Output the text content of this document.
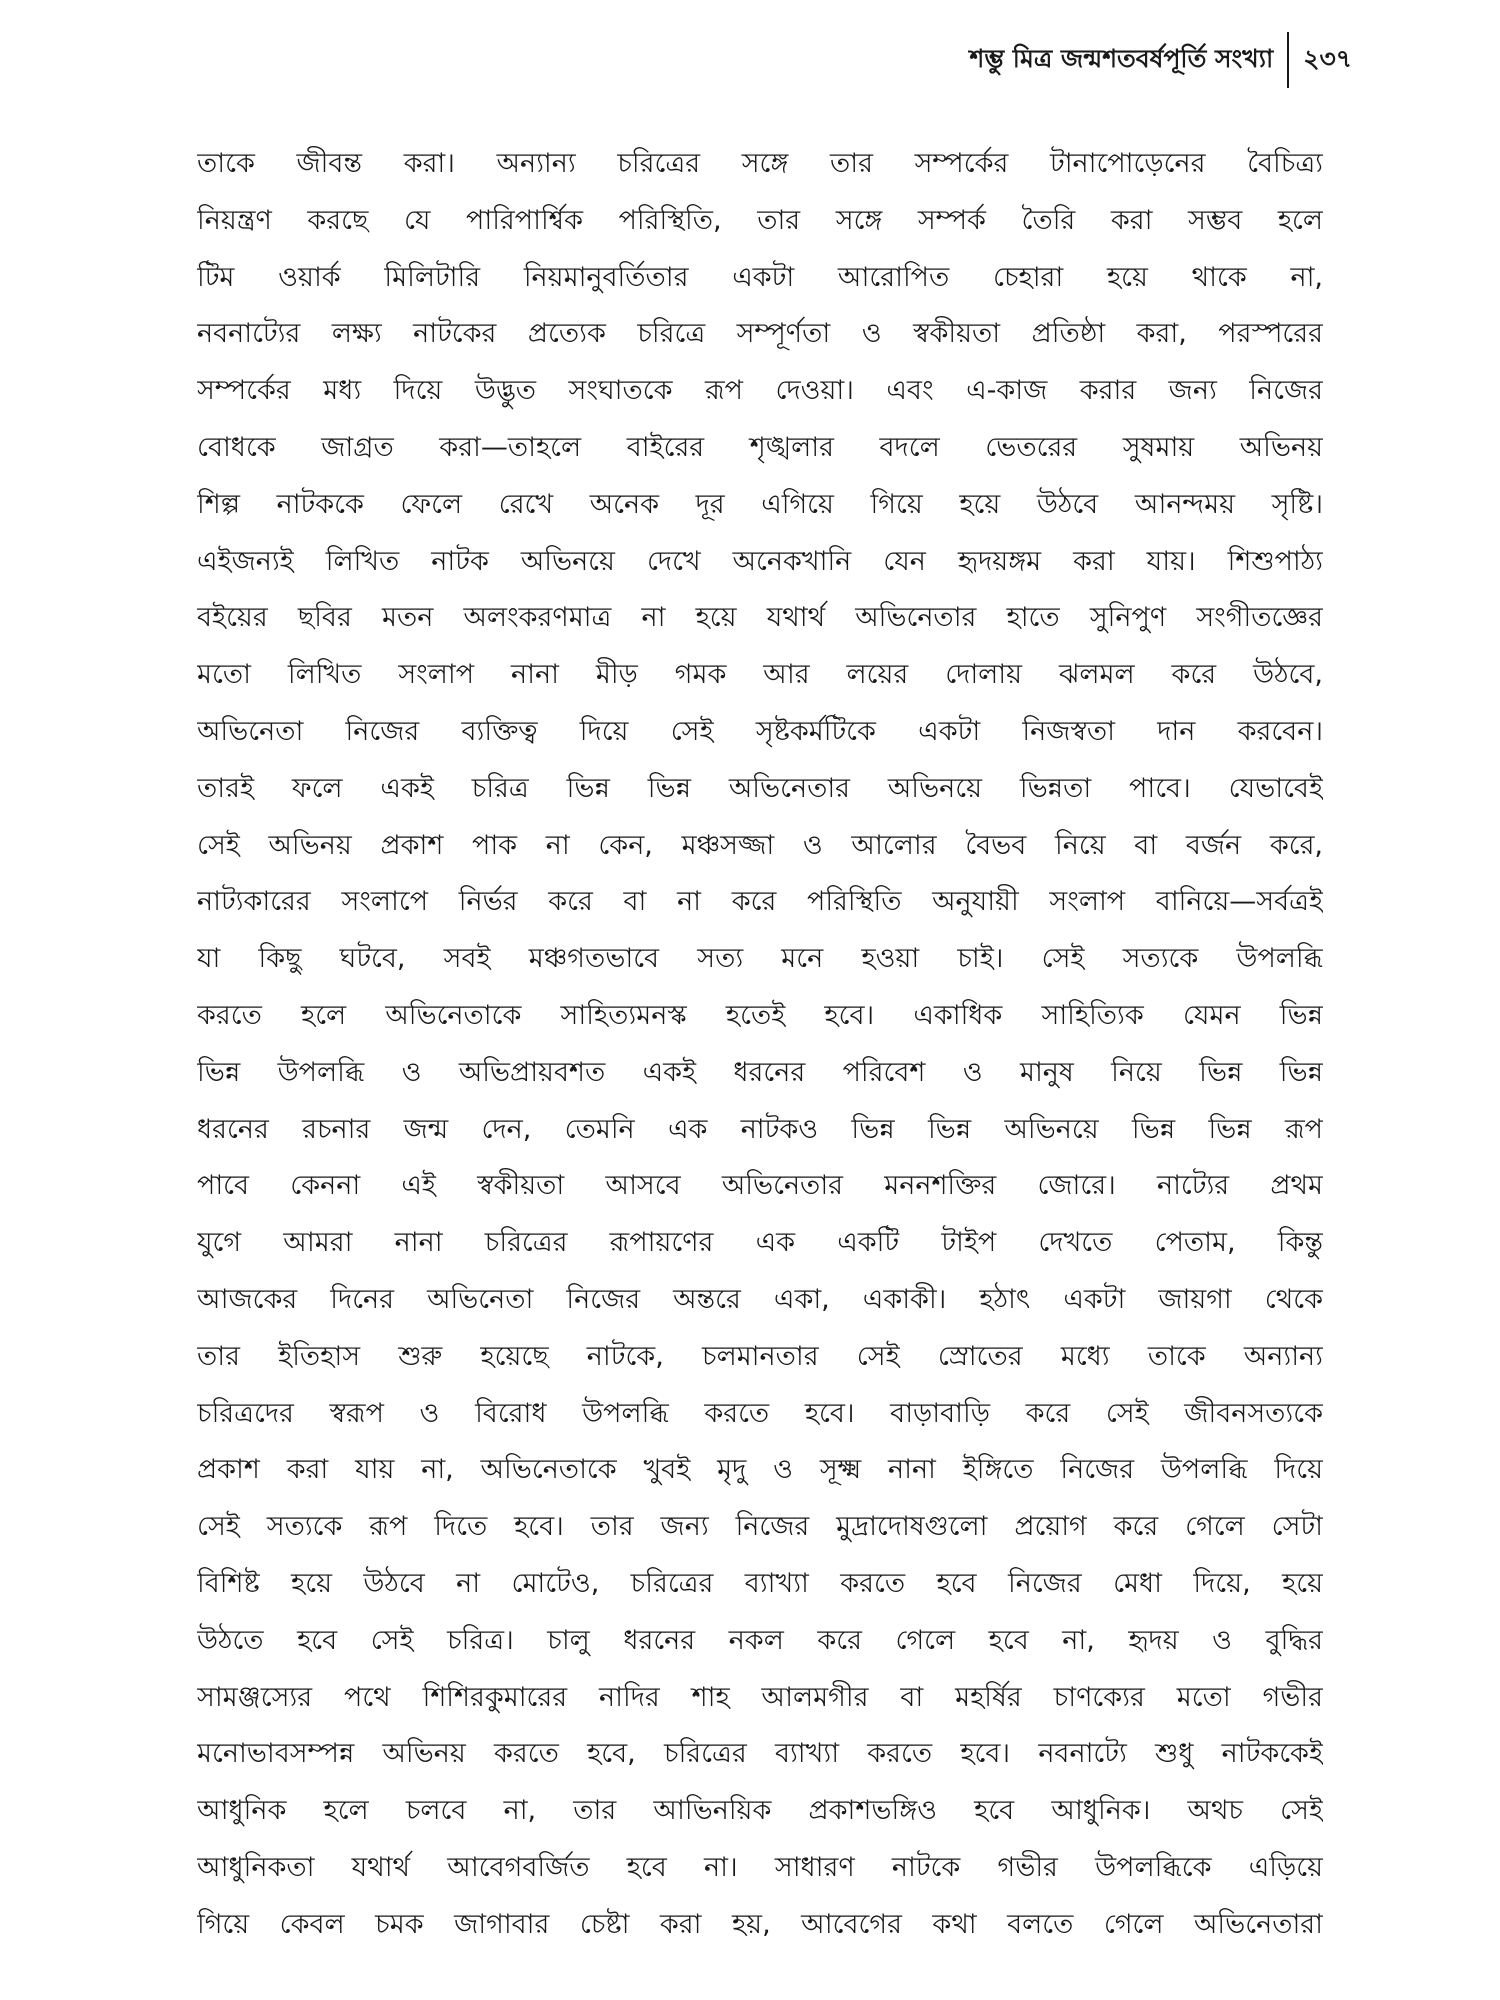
শম্ভু মিত্র জন্মশতবর্ষপূর্তি সংখ্যা	২৩৭
তাকে জীবন্ত করা। অন্যান্য চরিত্রের সঙ্গে তার সম্পর্কের টানাপোড়েনের বৈচিত্র্য
নিয়ন্ত্রণ করছে যে পারিপার্শ্বিক পরিস্থিতি, তার সঙ্গে সম্পর্ক তৈরি করা সম্ভব হলে
টিম ওয়ার্ক মিলিটারি নিয়মানুবর্তিতার একটা আরোপিত চেহারা হয়ে থাকে না,
নবনাট্যের লক্ষ্য নাটকের প্রত্যেক চরিত্রে সম্পূর্ণতা ও স্বকীয়তা প্রতিষ্ঠা করা, পরস্পরের
সম্পর্কের মধ্য দিয়ে উদ্ভুত সংঘাতকে রূপ দেওয়া। এবং এ-কাজ করার জন্য নিজের
বোধকে জাগ্রত করা—তাহলে বাইরের শৃঙ্খলার বদলে ভেতরের সুষমায় অভিনয়
শিল্প নাটককে ফেলে রেখে অনেক দূর এগিয়ে গিয়ে হয়ে উঠবে আনন্দময় সৃষ্টি।
এইজন্যই লিখিত নাটক অভিনয়ে দেখে অনেকখানি যেন হৃদয়ঙ্গম করা যায়। শিশুপাঠ্য
বইয়ের ছবির মতন অলংকরণমাত্র না হয়ে যথার্থ অভিনেতার হাতে সুনিপুণ সংগীতজ্ঞের
মতো লিখিত সংলাপ নানা মীড় গমক আর লয়ের দোলায় ঝলমল করে উঠবে,
অভিনেতা নিজের ব্যক্তিত্ব দিয়ে সেই সৃষ্টকর্মটিকে একটা নিজস্বতা দান করবেন।
তারই ফলে একই চরিত্র ভিন্ন ভিন্ন অভিনেতার অভিনয়ে ভিন্নতা পাবে। যেভাবেই
সেই অভিনয় প্রকাশ পাক না কেন, মঞ্চসজ্জা ও আলোর বৈভব নিয়ে বা বর্জন করে,
নাট্যকারের সংলাপে নির্ভর করে বা না করে পরিস্থিতি অনুযায়ী সংলাপ বানিয়ে—সর্বত্রই
যা কিছু ঘটবে, সবই মঞ্চগতভাবে সত্য মনে হওয়া চাই। সেই সত্যকে উপলব্ধি
করতে হলে অভিনেতাকে সাহিত্যমনস্ক হতেই হবে। একাধিক সাহিত্যিক যেমন ভিন্ন
ভিন্ন উপলব্ধি ও অভিপ্রায়বশত একই ধরনের পরিবেশ ও মানুষ নিয়ে ভিন্ন ভিন্ন
ধরনের রচনার জন্ম দেন, তেমনি এক নাটকও ভিন্ন ভিন্ন অভিনয়ে ভিন্ন ভিন্ন রূপ
পাবে কেননা এই স্বকীয়তা আসবে অভিনেতার মননশক্তির জোরে। নাট্যের প্রথম
যুগে আমরা নানা চরিত্রের রূপায়ণের এক একটি টাইপ দেখতে পেতাম, কিন্তু
আজকের দিনের অভিনেতা নিজের অন্তরে একা, একাকী। হঠাৎ একটা জায়গা থেকে
তার ইতিহাস শুরু হয়েছে নাটকে, চলমানতার সেই স্রোতের মধ্যে তাকে অন্যান্য
চরিত্রদের স্বরূপ ও বিরোধ উপলব্ধি করতে হবে। বাড়াবাড়ি করে সেই জীবনসত্যকে
প্রকাশ করা যায় না, অভিনেতাকে খুবই মৃদু ও সূক্ষ্ম নানা ইঙ্গিতে নিজের উপলব্ধি দিয়ে
সেই সত্যকে রূপ দিতে হবে। তার জন্য নিজের মুদ্রাদোষগুলো প্রয়োগ করে গেলে সেটা
বিশিষ্ট হয়ে উঠবে না মোটেও, চরিত্রের ব্যাখ্যা করতে হবে নিজের মেধা দিয়ে, হয়ে
উঠতে হবে সেই চরিত্র। চালু ধরনের নকল করে গেলে হবে না, হৃদয় ও বুদ্ধির
সামঞ্জস্যের পথে শিশিরকুমারের নাদির শাহ আলমগীর বা মহর্ষির চাণক্যের মতো গভীর
মনোভাবসম্পন্ন অভিনয় করতে হবে, চরিত্রের ব্যাখ্যা করতে হবে। নবনাট্যে শুধু নাটককেই
আধুনিক হলে চলবে না, তার আভিনয়িক প্রকাশভঙ্গিও হবে আধুনিক। অথচ সেই
আধুনিকতা যথার্থ আবেগবর্জিত হবে না। সাধারণ নাটকে গভীর উপলব্ধিকে এড়িয়ে
গিয়ে কেবল চমক জাগাবার চেষ্টা করা হয়, আবেগের কথা বলতে গেলে অভিনেতারা
